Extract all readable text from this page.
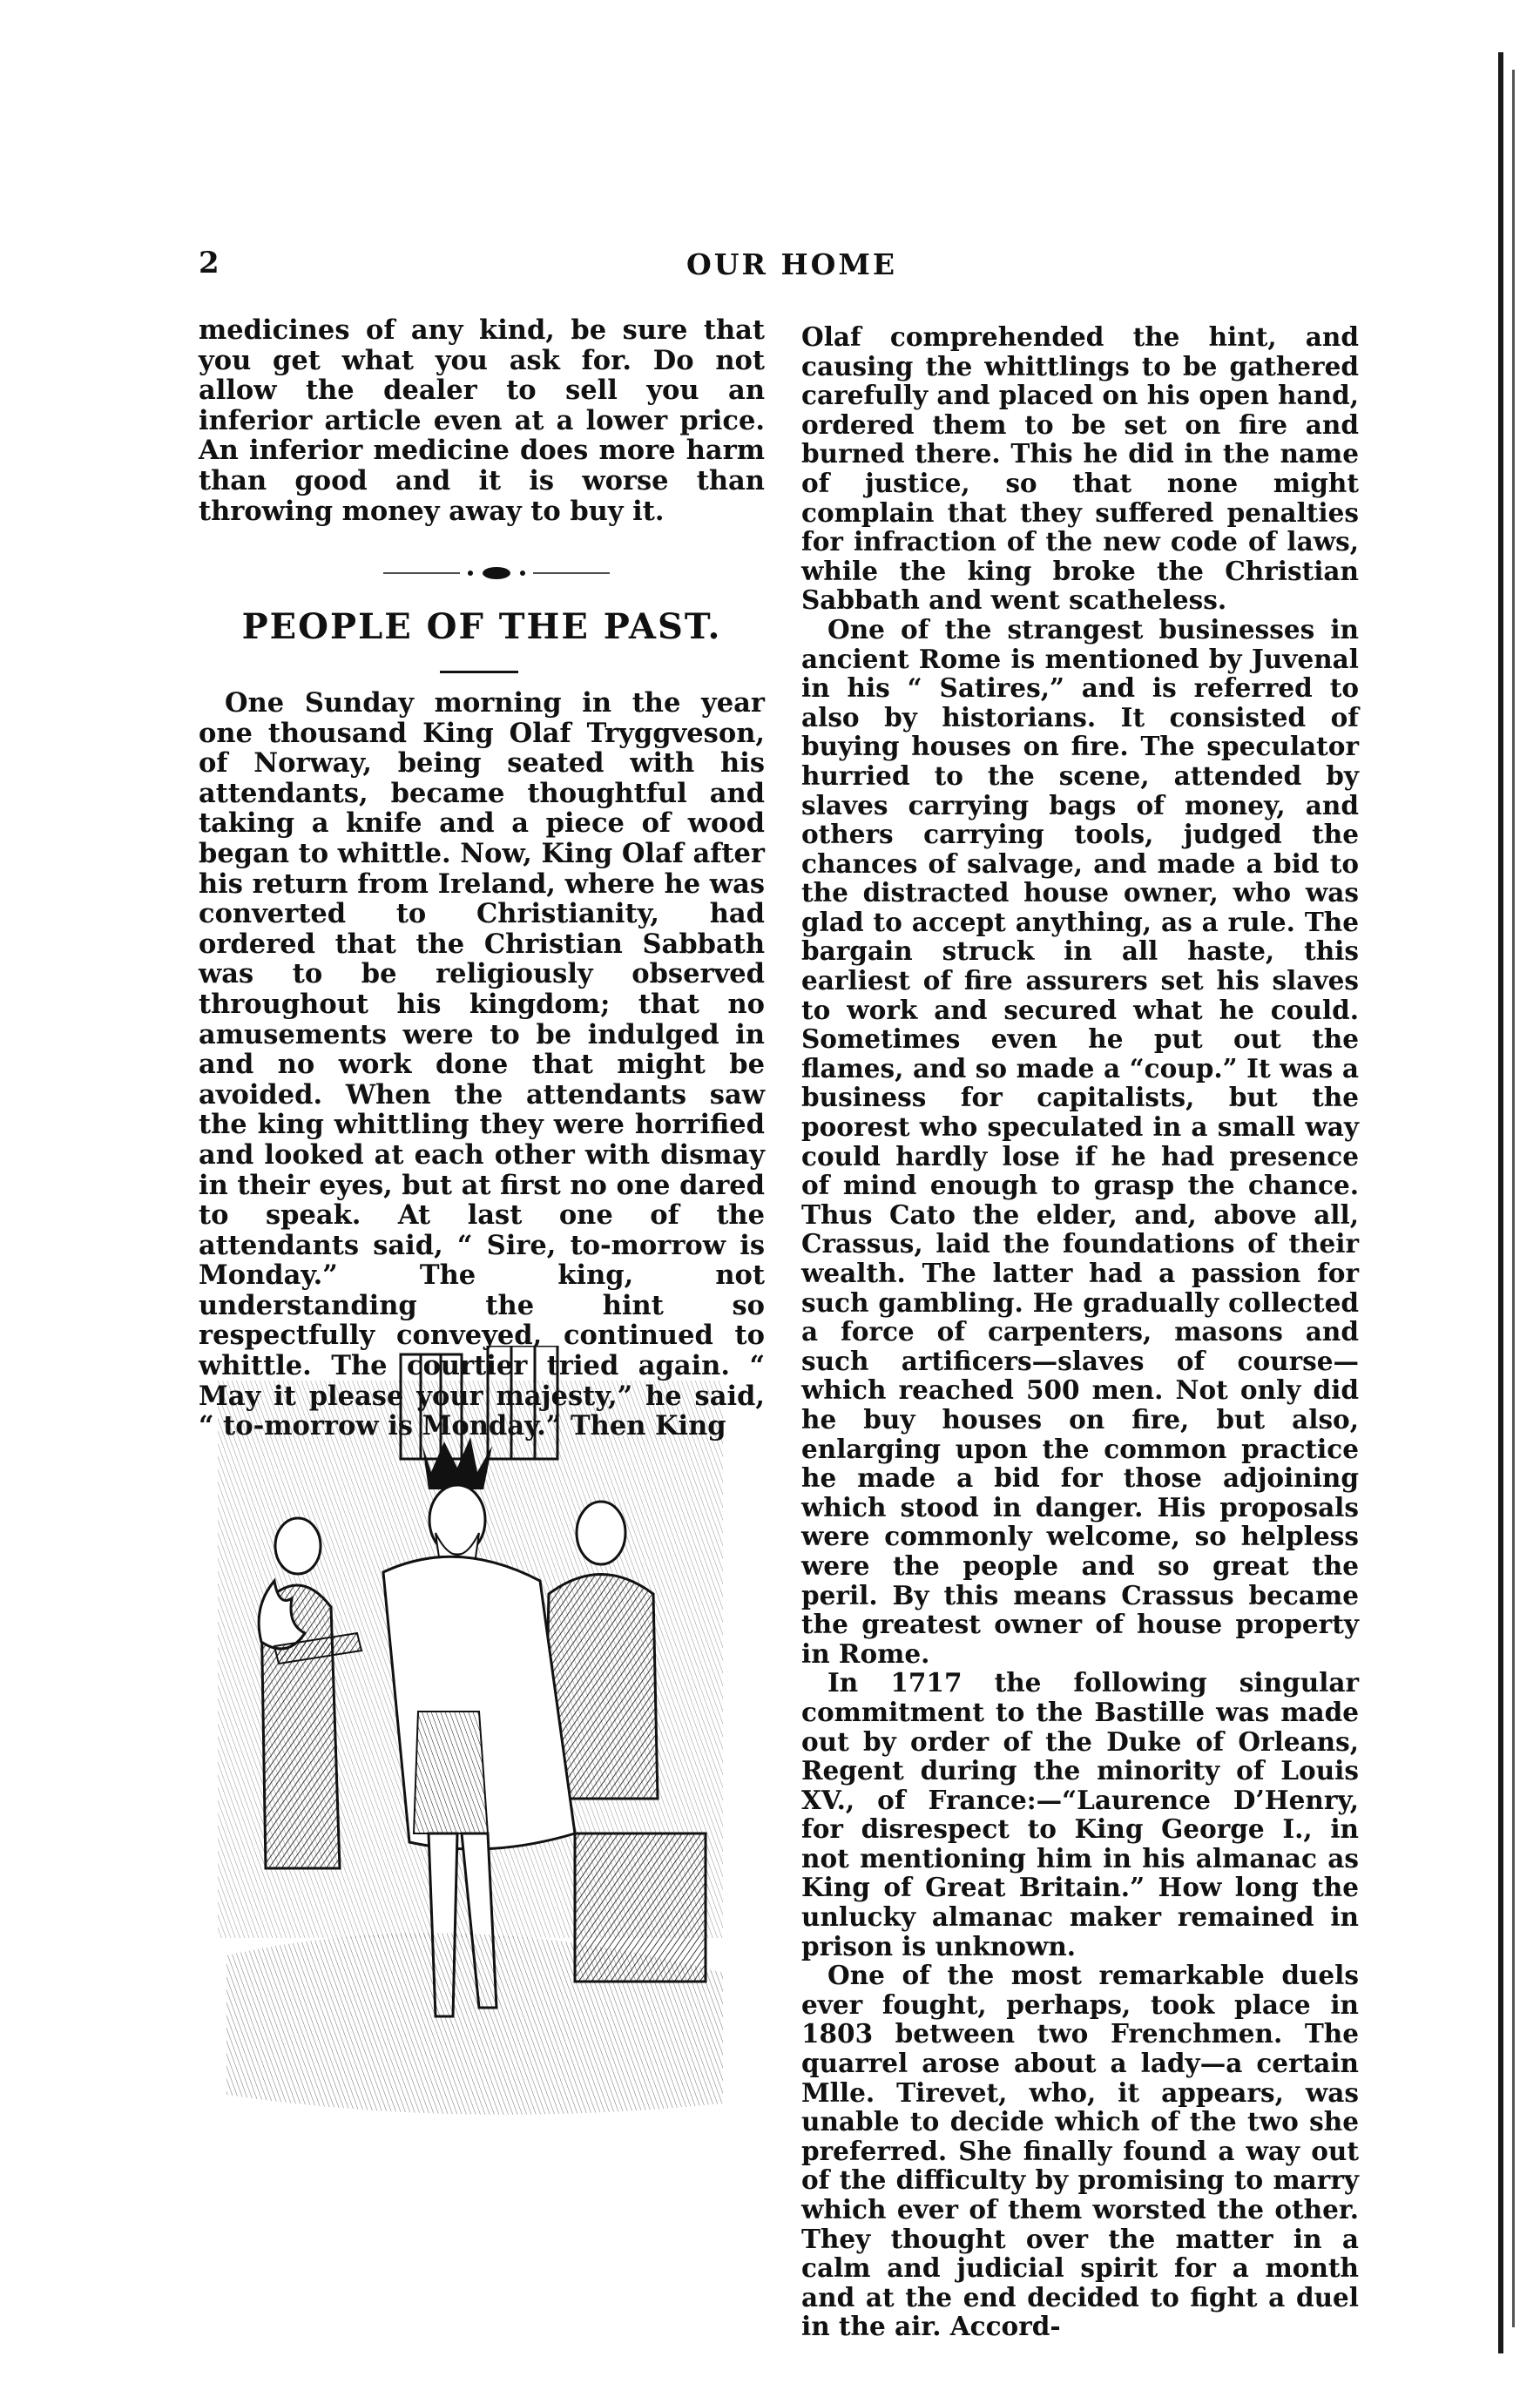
2	OUR HOME

medicines of any kind, be sure that you get what you ask for. Do not allow the dealer to sell you an inferior article even at a lower price. An inferior medicine does more harm than good and it is worse than throwing money away to buy it.

PEOPLE OF THE PAST.

One Sunday morning in the year one thousand King Olaf Tryggveson, of Norway, being seated with his attendants, became thoughtful and taking a knife and a piece of wood began to whittle. Now, King Olaf after his return from Ireland, where he was converted to Christianity, had ordered that the Christian Sabbath was to be religiously observed throughout his kingdom; that no amusements were to be indulged in and no work done that might be avoided. When the attendants saw the king whittling they were horrified and looked at each other with dismay in their eyes, but at first no one dared to speak. At last one of the attendants said, “ Sire, to-morrow is Monday.” The king, not understanding the hint so respectfully conveyed, continued to whittle. The courtier tried again. “ May it please your majesty,” he said, “ to-morrow is Monday.” Then King

Olaf comprehended the hint, and causing the whittlings to be gathered carefully and placed on his open hand, ordered them to be set on fire and burned there. This he did in the name of justice, so that none might complain that they suffered penalties for infraction of the new code of laws, while the king broke the Christian Sabbath and went scatheless.

One of the strangest businesses in ancient Rome is mentioned by Juvenal in his “ Satires,” and is referred to also by historians. It consisted of buying houses on fire. The speculator hurried to the scene, attended by slaves carrying bags of money, and others carrying tools, judged the chances of salvage, and made a bid to the distracted house owner, who was glad to accept anything, as a rule. The bargain struck in all haste, this earliest of fire assurers set his slaves to work and secured what he could. Sometimes even he put out the flames, and so made a “coup.” It was a business for capitalists, but the poorest who speculated in a small way could hardly lose if he had presence of mind enough to grasp the chance. Thus Cato the elder, and, above all, Crassus, laid the foundations of their wealth. The latter had a passion for such gambling. He gradually collected a force of carpenters, masons and such artificers—slaves of course—which reached 500 men. Not only did he buy houses on fire, but also, enlarging upon the common practice he made a bid for those adjoining which stood in danger. His proposals were commonly welcome, so helpless were the people and so great the peril. By this means Crassus became the greatest owner of house property in Rome.

In 1717 the following singular commitment to the Bastille was made out by order of the Duke of Orleans, Regent during the minority of Louis XV., of France:—“Laurence D’Henry, for disrespect to King George I., in not mentioning him in his almanac as King of Great Britain.” How long the unlucky almanac maker remained in prison is unknown.

One of the most remarkable duels ever fought, perhaps, took place in 1803 between two Frenchmen. The quarrel arose about a lady—a certain Mlle. Tirevet, who, it appears, was unable to decide which of the two she preferred. She finally found a way out of the difficulty by promising to marry which ever of them worsted the other. They thought over the matter in a calm and judicial spirit for a month and at the end decided to fight a duel in the air. Accord-
